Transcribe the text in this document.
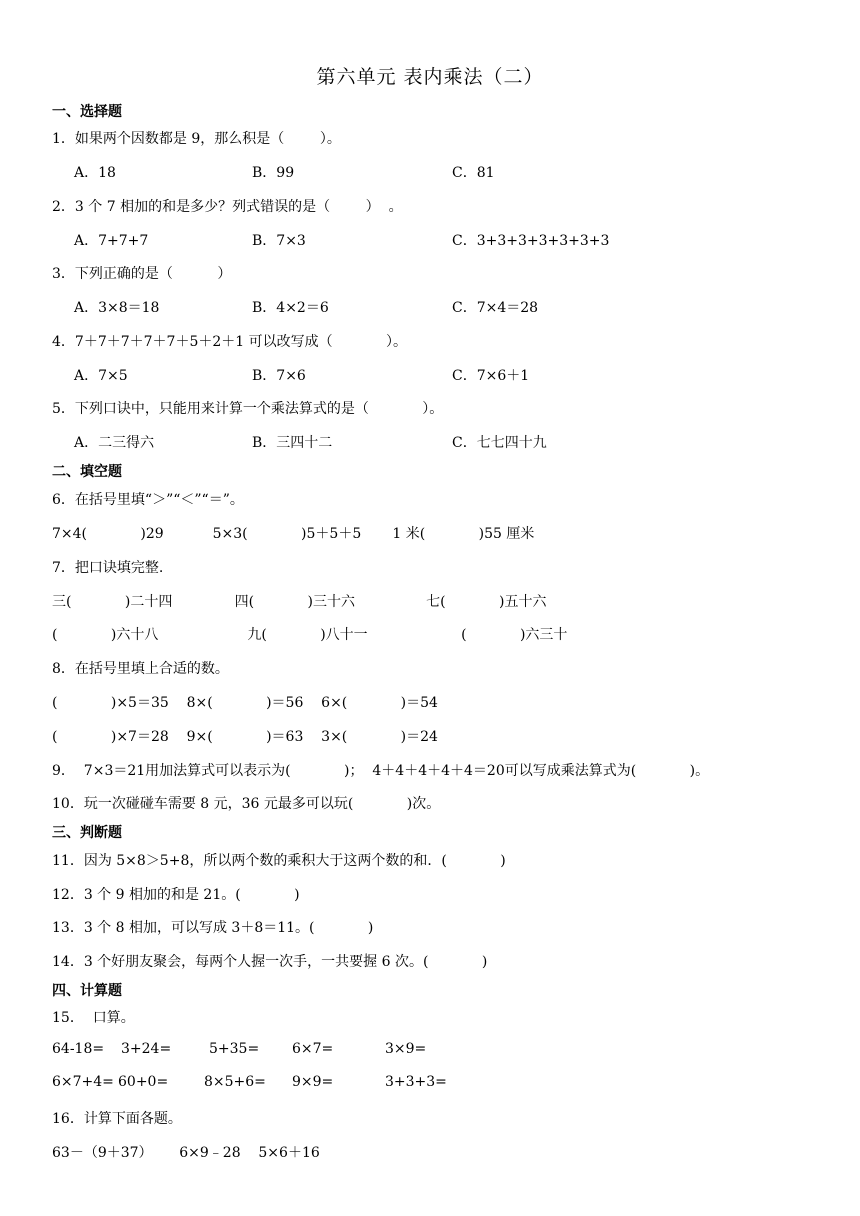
第六单元 表内乘法（二）
一、选择题
1．如果两个因数都是 9，那么积是（        ）。
A．18	B．99	C．81
2．3 个 7 相加的和是多少？列式错误的是（        ）  。
A．7+7+7	B．7×3	C．3+3+3+3+3+3+3
3．下列正确的是（          ）
A．3×8＝18	B．4×2＝6	C．7×4＝28
4．7＋7＋7＋7＋7＋5＋2＋1 可以改写成（            ）。
A．7×5	B．7×6	C．7×6＋1
5．下列口诀中，只能用来计算一个乘法算式的是（            ）。
A．二三得六	B．三四十二	C．七七四十九
二、填空题
6．在括号里填“＞”“＜”“＝”。
7×4(            )29           5×3(            )5＋5＋5       1 米(            )55 厘米
7．把口诀填完整.
三(            )二十四              四(            )三十六                七(            )五十六
(            )六十八                    九(            )八十一                     (            )六三十
8．在括号里填上合适的数。
(            )×5＝35    8×(            )＝56    6×(            )＝54
(            )×7＝28    9×(            )＝63    3×(            )＝24
9．  7×3＝21用加法算式可以表示为(            )；  4＋4＋4＋4＋4＝20可以写成乘法算式为(            )。
10．玩一次碰碰车需要 8 元，36 元最多可以玩(            )次。
三、判断题
11．因为 5×8＞5+8，所以两个数的乘积大于这两个数的和．(            )
12．3 个 9 相加的和是 21。(            )
13．3 个 8 相加，可以写成 3＋8＝11。(            )
14．3 个好朋友聚会，每两个人握一次手，一共要握 6 次。(            )
四、计算题
15．  口算。
64-18= 3+24=	5+35= 6×7=	3×9=
6×7+4= 60+0=	8×5+6= 9×9=	3+3+3=
16．计算下面各题。
63－（9＋37）      6×9﹣28    5×6＋16
